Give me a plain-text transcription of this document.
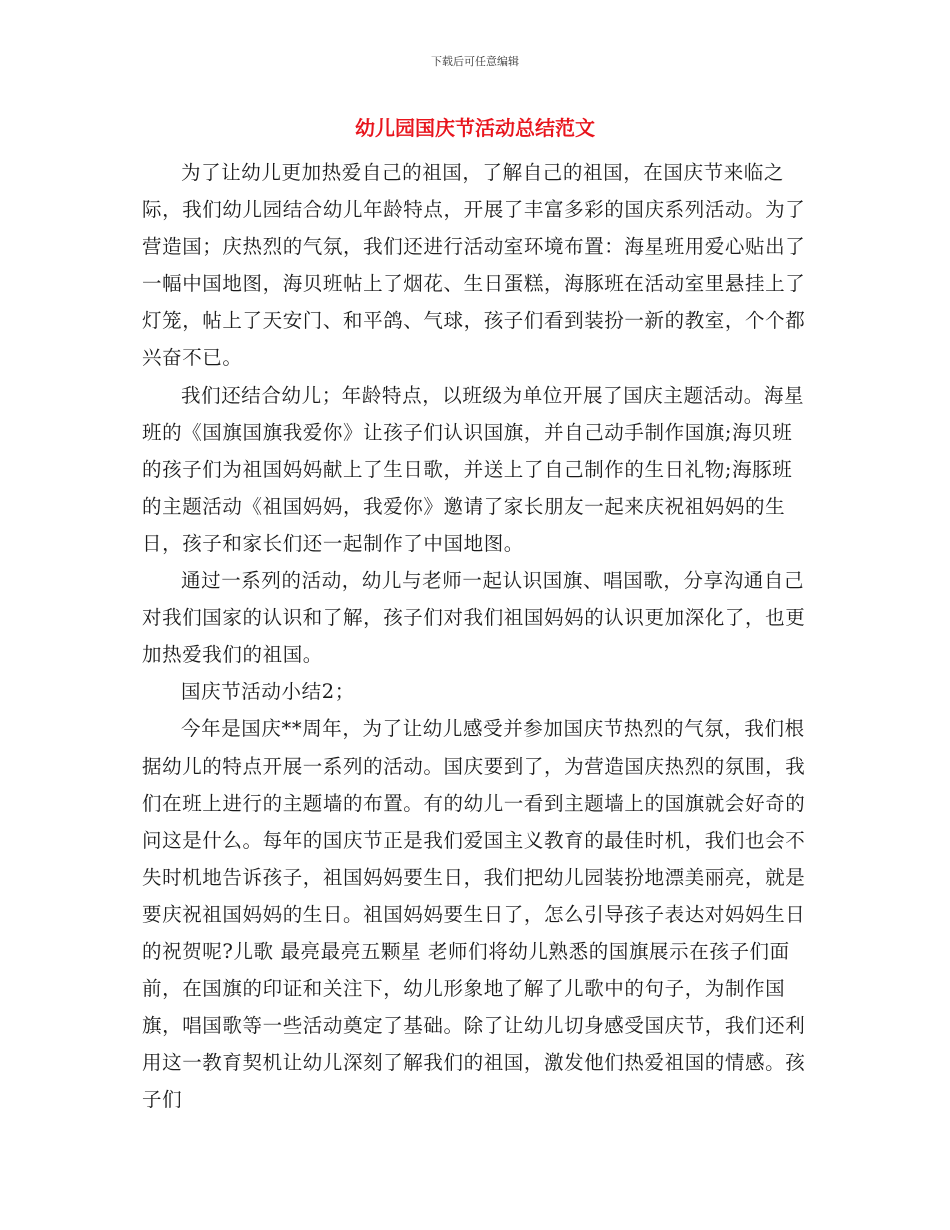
下载后可任意编辑
幼儿园国庆节活动总结范文

为了让幼儿更加热爱自己的祖国，了解自己的祖国，在国庆节来临之际，我们幼儿园结合幼儿年龄特点，开展了丰富多彩的国庆系列活动。为了营造国；庆热烈的气氛，我们还进行活动室环境布置：海星班用爱心贴出了一幅中国地图，海贝班帖上了烟花、生日蛋糕，海豚班在活动室里悬挂上了灯笼，帖上了天安门、和平鸽、气球，孩子们看到装扮一新的教室，个个都兴奋不已。

我们还结合幼儿；年龄特点，以班级为单位开展了国庆主题活动。海星班的《国旗国旗我爱你》让孩子们认识国旗，并自己动手制作国旗;海贝班的孩子们为祖国妈妈献上了生日歌，并送上了自己制作的生日礼物;海豚班的主题活动《祖国妈妈，我爱你》邀请了家长朋友一起来庆祝祖妈妈的生日，孩子和家长们还一起制作了中国地图。

通过一系列的活动，幼儿与老师一起认识国旗、唱国歌，分享沟通自己对我们国家的认识和了解，孩子们对我们祖国妈妈的认识更加深化了，也更加热爱我们的祖国。

国庆节活动小结2；

今年是国庆**周年，为了让幼儿感受并参加国庆节热烈的气氛，我们根据幼儿的特点开展一系列的活动。国庆要到了，为营造国庆热烈的氛围，我们在班上进行的主题墙的布置。有的幼儿一看到主题墙上的国旗就会好奇的问这是什么。每年的国庆节正是我们爱国主义教育的最佳时机，我们也会不失时机地告诉孩子，祖国妈妈要生日，我们把幼儿园装扮地漂美丽亮，就是要庆祝祖国妈妈的生日。祖国妈妈要生日了，怎么引导孩子表达对妈妈生日的祝贺呢?儿歌 最亮最亮五颗星 老师们将幼儿熟悉的国旗展示在孩子们面前，在国旗的印证和关注下，幼儿形象地了解了儿歌中的句子，为制作国旗，唱国歌等一些活动奠定了基础。除了让幼儿切身感受国庆节，我们还利用这一教育契机让幼儿深刻了解我们的祖国，激发他们热爱祖国的情感。孩子们
